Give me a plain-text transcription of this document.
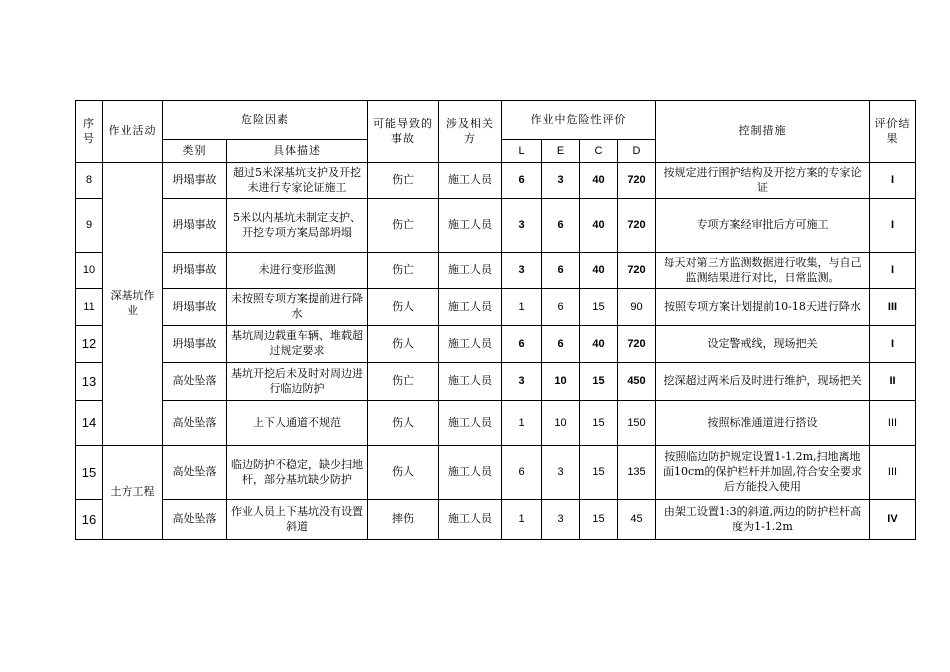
序号	作业活动	危险因素		可能导致的事故	涉及相关方	作业中危险性评价				控制措施	评价结果
		类别	具体描述			L	E	C	D		
8	深基坑作业	坍塌事故	超过5米深基坑支护及开挖未进行专家论证施工	伤亡	施工人员	6	3	40	720	按规定进行围护结构及开挖方案的专家论证	I
9		坍塌事故	5米以内基坑未制定支护、开挖专项方案局部坍塌	伤亡	施工人员	3	6	40	720	专项方案经审批后方可施工	I
10		坍塌事故	未进行变形监测	伤亡	施工人员	3	6	40	720	每天对第三方监测数据进行收集，与自己监测结果进行对比，日常监测。	I
11		坍塌事故	未按照专项方案提前进行降水	伤人	施工人员	1	6	15	90	按照专项方案计划提前10-18天进行降水	III
12		坍塌事故	基坑周边载重车辆、堆载超过规定要求	伤人	施工人员	6	6	40	720	设定警戒线，现场把关	I
13		高处坠落	基坑开挖后未及时对周边进行临边防护	伤亡	施工人员	3	10	15	450	挖深超过两米后及时进行维护，现场把关	II
14		高处坠落	上下人通道不规范	伤人	施工人员	1	10	15	150	按照标准通道进行搭设	III
15	土方工程	高处坠落	临边防护不稳定，缺少扫地杆，部分基坑缺少防护	伤人	施工人员	6	3	15	135	按照临边防护规定设置1-1.2m,扫地离地面10cm的保护栏杆并加固,符合安全要求后方能投入使用	III
16		高处坠落	作业人员上下基坑没有设置斜道	摔伤	施工人员	1	3	15	45	由架工设置1:3的斜道,两边的防护栏杆高度为1-1.2m	IV
